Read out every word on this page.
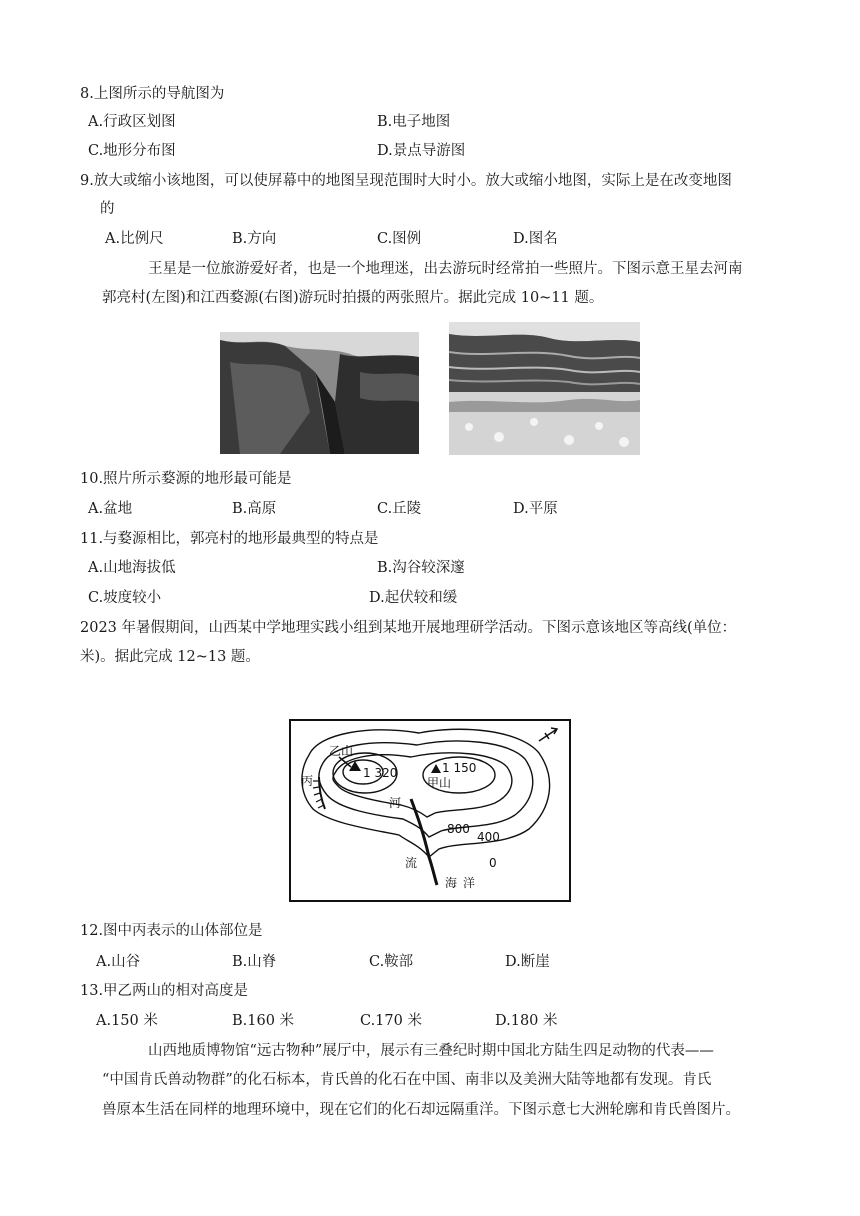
8.上图所示的导航图为
A.行政区划图	B.电子地图
C.地形分布图	D.景点导游图
9.放大或缩小该地图，可以使屏幕中的地图呈现范围时大时小。放大或缩小地图，实际上是在改变地图
的
A.比例尺	B.方向	C.图例	D.图名
王星是一位旅游爱好者，也是一个地理迷，出去游玩时经常拍一些照片。下图示意王星去河南
郭亮村(左图)和江西婺源(右图)游玩时拍摄的两张照片。据此完成 10~11 题。
10.照片所示婺源的地形最可能是
A.盆地	B.高原	C.丘陵	D.平原
11.与婺源相比，郭亮村的地形最典型的特点是
A.山地海拔低	B.沟谷较深邃
C.坡度较小	D.起伏较和缓
2023 年暑假期间，山西某中学地理实践小组到某地开展地理研学活动。下图示意该地区等高线(单位：
米)。据此完成 12~13 题。
乙山
1 320	1 150
甲山
丙
河
流
海洋
800
400
0
12.图中丙表示的山体部位是
A.山谷	B.山脊	C.鞍部	D.断崖
13.甲乙两山的相对高度是
A.150 米	B.160 米	C.170 米	D.180 米
山西地质博物馆“远古物种”展厅中，展示有三叠纪时期中国北方陆生四足动物的代表——
“中国肯氏兽动物群”的化石标本，肯氏兽的化石在中国、南非以及美洲大陆等地都有发现。肯氏
兽原本生活在同样的地理环境中，现在它们的化石却远隔重洋。下图示意七大洲轮廓和肯氏兽图片。
